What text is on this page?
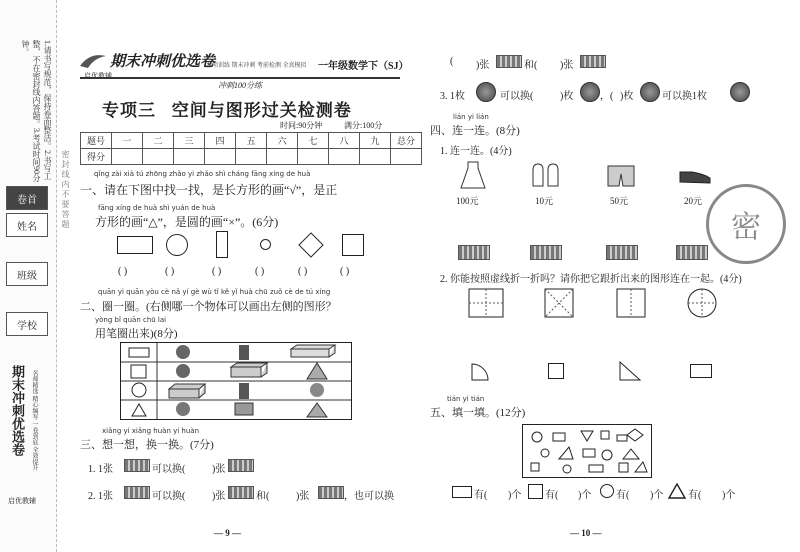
1.请书写规范，保持卷面整洁。2.书写工整，不在密封线内答题。3.考试时间90分钟。
卷首
姓名
班级
学校
期末冲刺优选卷	名师精选 精心编写 一卷到底 全效提升
启优教辅
密 封 线 内 不 要 答 题
期末冲刺优选卷
启优教辅
专项训练 期末冲刺 考前检测 全真模拟 一年级数学下（SJ）
冲刺100分练
专项三   空间与图形过关检测卷
时间:90分钟	满分:100分
题号	一	二	三	四	五	六	七	八	九	总分
得分										
qǐng zài xià tú zhōng zhǎo yi zhǎo shì cháng fāng xíng de huà
一、请在下图中找一找，是长方形的画“√”，是正
fāng xíng de huà shì yuán de huà
方形的画“△”，是圆的画“×”。(6分)
( )	( )	( )	( )	( )	( )
quān yi quān yòu cè nǎ yí gè wù tǐ kě yǐ huà chū zuǒ cè de tú xíng
二、圈一圈。(右侧哪一个物体可以画出左侧的图形？
yòng bǐ quān chū lai
用笔圈出来)(8分)
xiǎng yi xiǎng huàn yi huàn
三、想一想，换一换。(7分)
1. 1张	可以换(	)张
2. 1张	可以换(	)张	和(	)张	，也可以换
— 9 —
( )张	和( )张
3. 1枚	可以换(	)枚	，( )枚	可以换1枚
lián yi lián
四、连一连。(8分)
1. 连一连。(4分)
100元	10元	50元	20元
密
2. 你能按照虚线折一折吗？请你把它跟折出来的图形连在一起。(4分)
tián yi tián
五、填一填。(12分)
有( )个 有( )个 有( )个 有( )个
— 10 —
